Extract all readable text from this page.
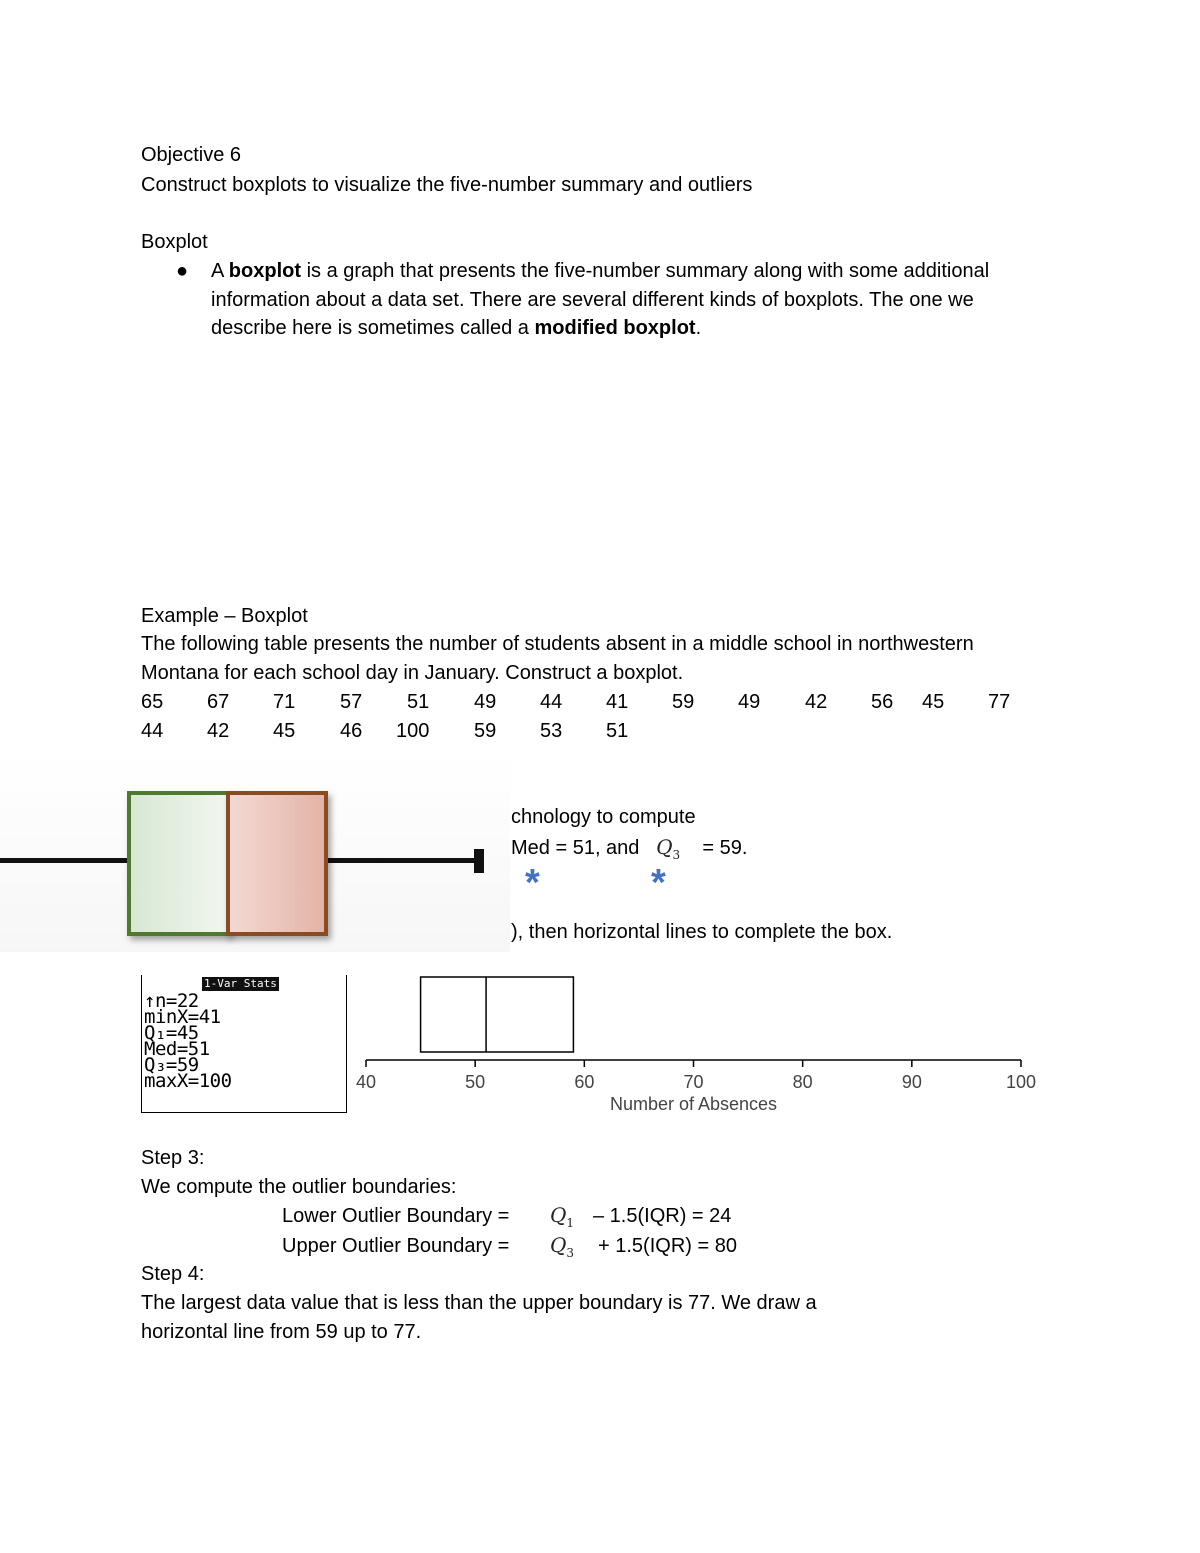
Objective 6
Construct boxplots to visualize the five-number summary and outliers
Boxplot
● A boxplot is a graph that presents the five-number summary along with some additional
information about a data set. There are several different kinds of boxplots. The one we
describe here is sometimes called a modified boxplot.
Example – Boxplot
The following table presents the number of students absent in a middle school in northwestern
Montana for each school day in January. Construct a boxplot.
65 67 71 57 51 49 44 41 59 49 42 56 45 77
44 42 45 46 100 59 53 51
chnology to compute
Med = 51, and $Q_3 = 59$.
*	*
), then horizontal lines to complete the box.
1-Var Stats
↑n=22
minX=41
Q₁=45
Med=51
Q₃=59
maxX=100	40	50	60	70	80	90	100
Number of Absences
Step 3:
We compute the outlier boundaries:
Lower Outlier Boundary = $Q_1 - 1.5(IQR) = 24$
Upper Outlier Boundary = $Q_3 + 1.5(IQR) = 80$
Step 4:
The largest data value that is less than the upper boundary is 77. We draw a
horizontal line from 59 up to 77.
